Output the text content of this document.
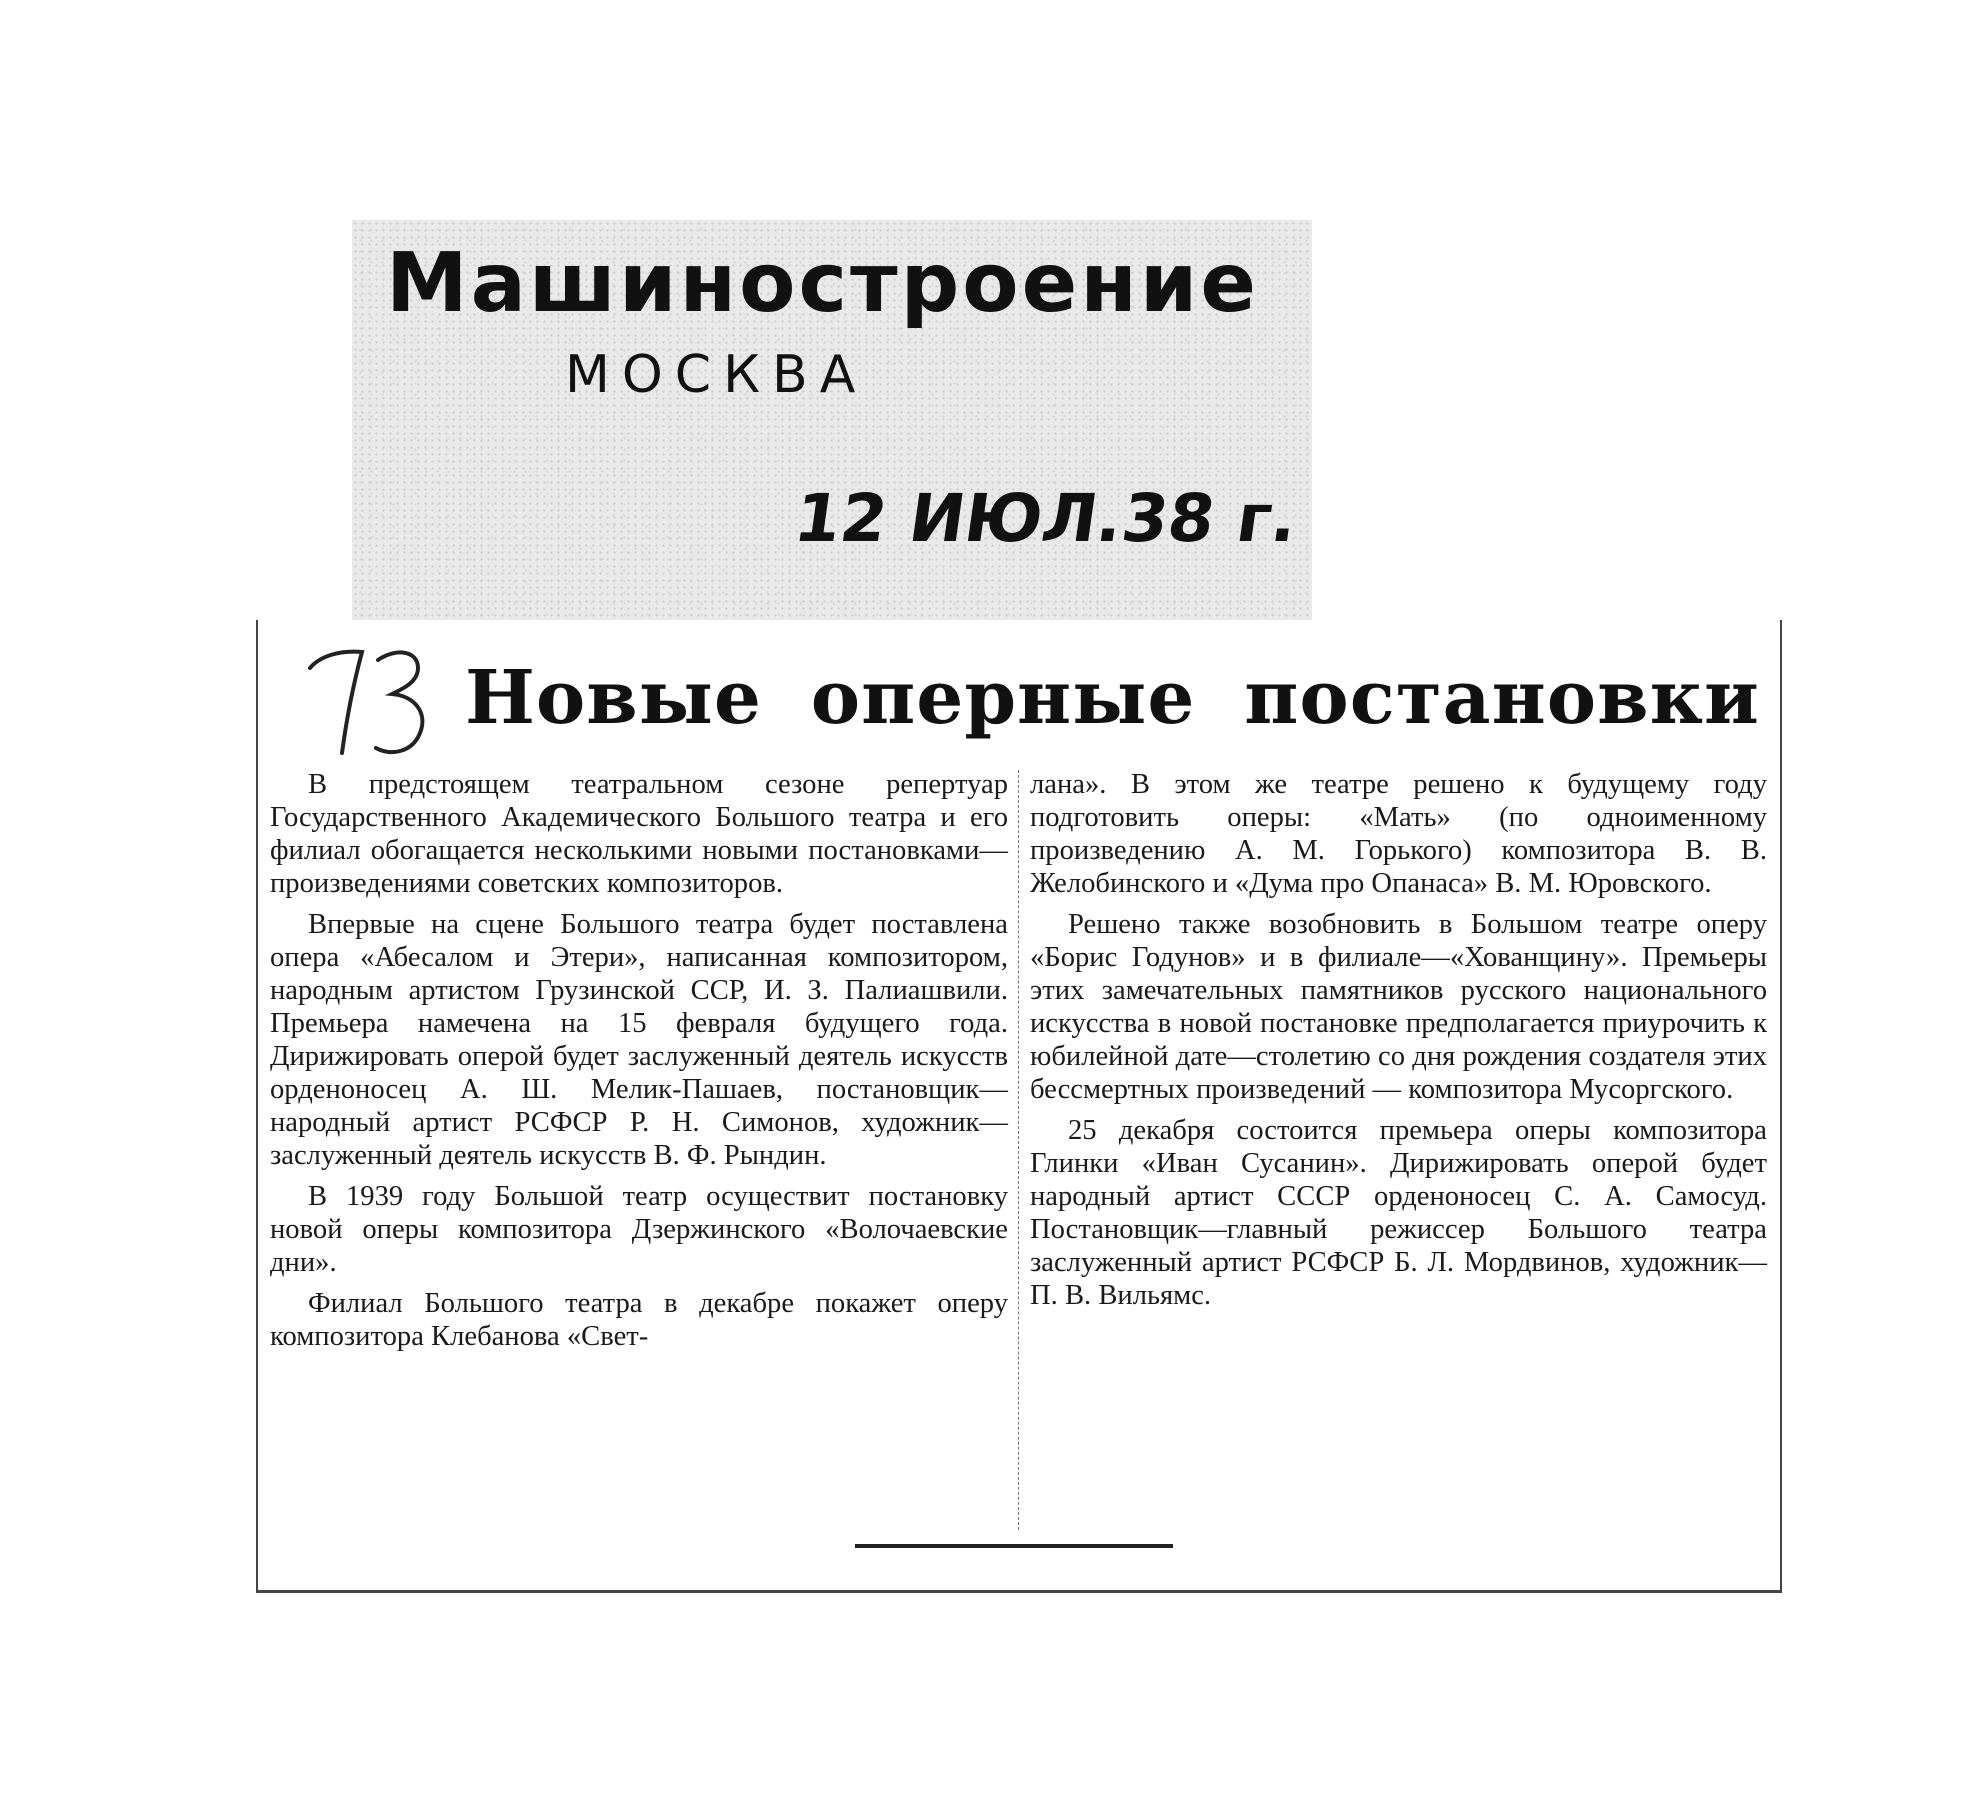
Машиностроение
МОСКВА
12 ИЮЛ.38 г.
Новые оперные постановки

В предстоящем театральном сезоне репертуар Государственного Академического Большого театра и его филиал обогащается несколькими новыми постановками—произведениями советских композиторов.

Впервые на сцене Большого театра будет поставлена опера «Абесалом и Этери», написанная композитором, народным артистом Грузинской ССР, И. З. Палиашвили. Премьера намечена на 15 февраля будущего года. Дирижировать оперой будет заслуженный деятель искусств орденоносец А. Ш. Мелик-Пашаев, постановщик—народный артист РСФСР Р. Н. Симонов, художник—заслуженный деятель искусств В. Ф. Рындин.

В 1939 году Большой театр осуществит постановку новой оперы композитора Дзержинского «Волочаевские дни».

Филиал Большого театра в декабре покажет оперу композитора Клебанова «Свет-

лана». В этом же театре решено к будущему году подготовить оперы: «Мать» (по одноименному произведению А. М. Горького) композитора В. В. Желобинского и «Дума про Опанаса» В. М. Юровского.

Решено также возобновить в Большом театре оперу «Борис Годунов» и в филиале—«Хованщину». Премьеры этих замечательных памятников русского национального искусства в новой постановке предполагается приурочить к юбилейной дате—столетию со дня рождения создателя этих бессмертных произведений — композитора Мусоргского.

25 декабря состоится премьера оперы композитора Глинки «Иван Сусанин». Дирижировать оперой будет народный артист СССР орденоносец С. А. Самосуд. Постановщик—главный режиссер Большого театра заслуженный артист РСФСР Б. Л. Мордвинов, художник—П. В. Вильямс.
